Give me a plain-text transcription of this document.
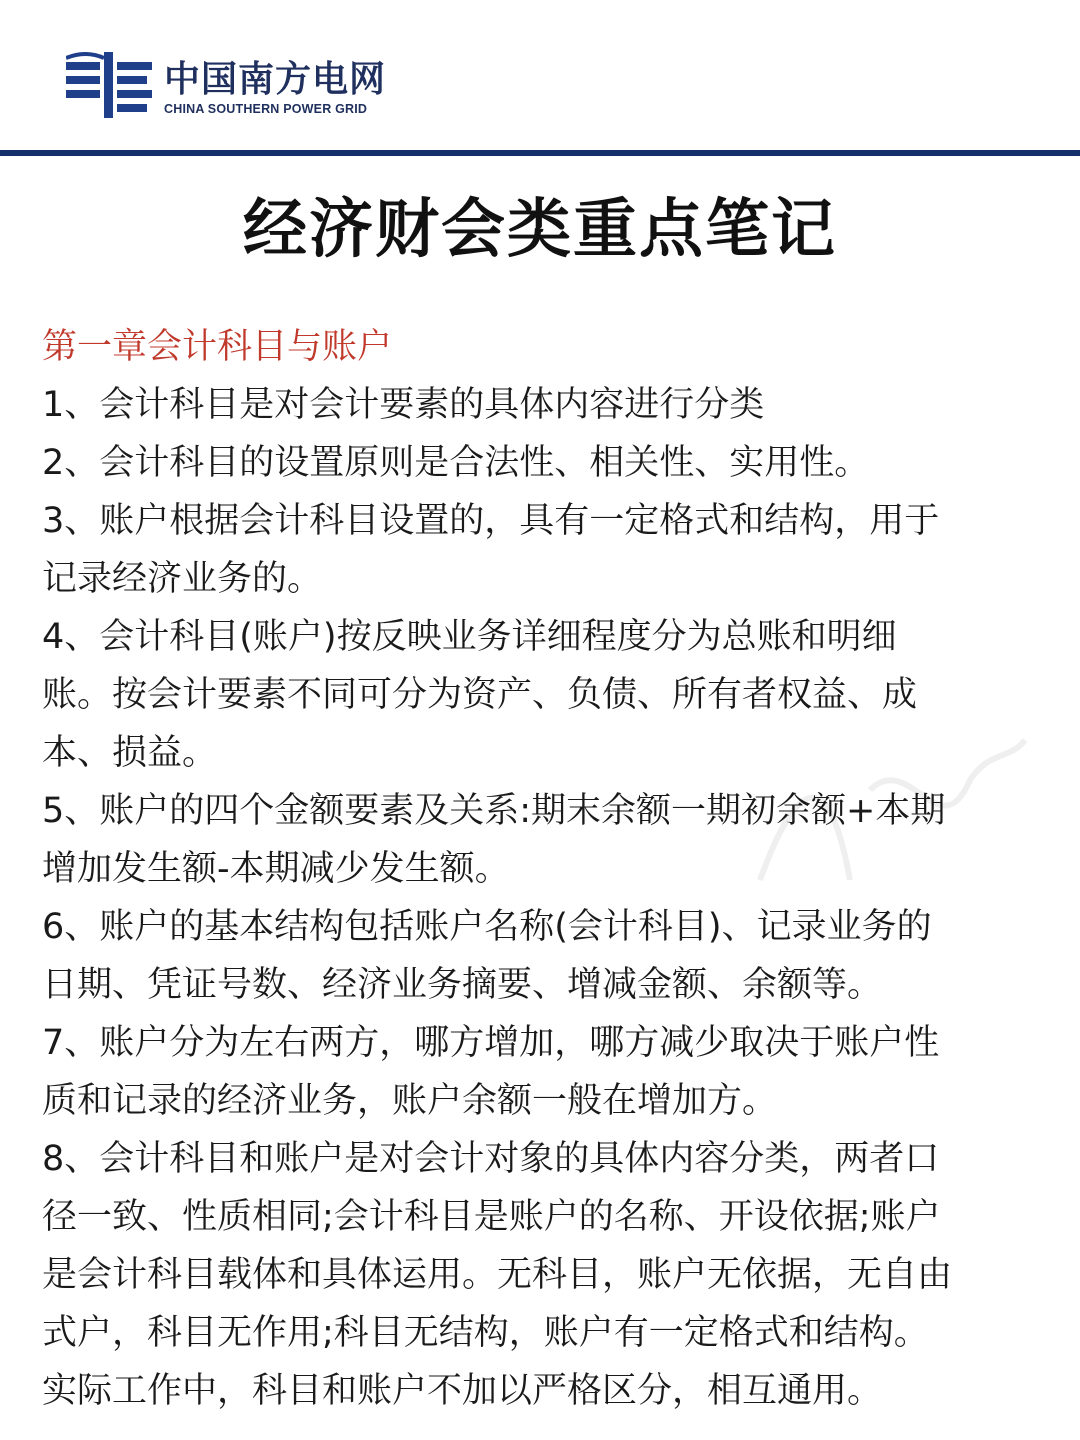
中国南方电网
CHINA SOUTHERN POWER GRID
经济财会类重点笔记

第一章会计科目与账户

1、会计科目是对会计要素的具体内容进行分类

2、会计科目的设置原则是合法性、相关性、实用性。

3、账户根据会计科目设置的，具有一定格式和结构，用于

记录经济业务的。

4、会计科目(账户)按反映业务详细程度分为总账和明细

账。按会计要素不同可分为资产、负债、所有者权益、成

本、损益。

5、账户的四个金额要素及关系:期末余额一期初余额+本期

增加发生额-本期减少发生额。

6、账户的基本结构包括账户名称(会计科目)、记录业务的

日期、凭证号数、经济业务摘要、增减金额、余额等。

7、账户分为左右两方，哪方增加，哪方减少取决于账户性

质和记录的经济业务，账户余额一般在增加方。

8、会计科目和账户是对会计对象的具体内容分类，两者口

径一致、性质相同;会计科目是账户的名称、开设依据;账户

是会计科目载体和具体运用。无科目，账户无依据，无自由

式户，科目无作用;科目无结构，账户有一定格式和结构。

实际工作中，科目和账户不加以严格区分，相互通用。
